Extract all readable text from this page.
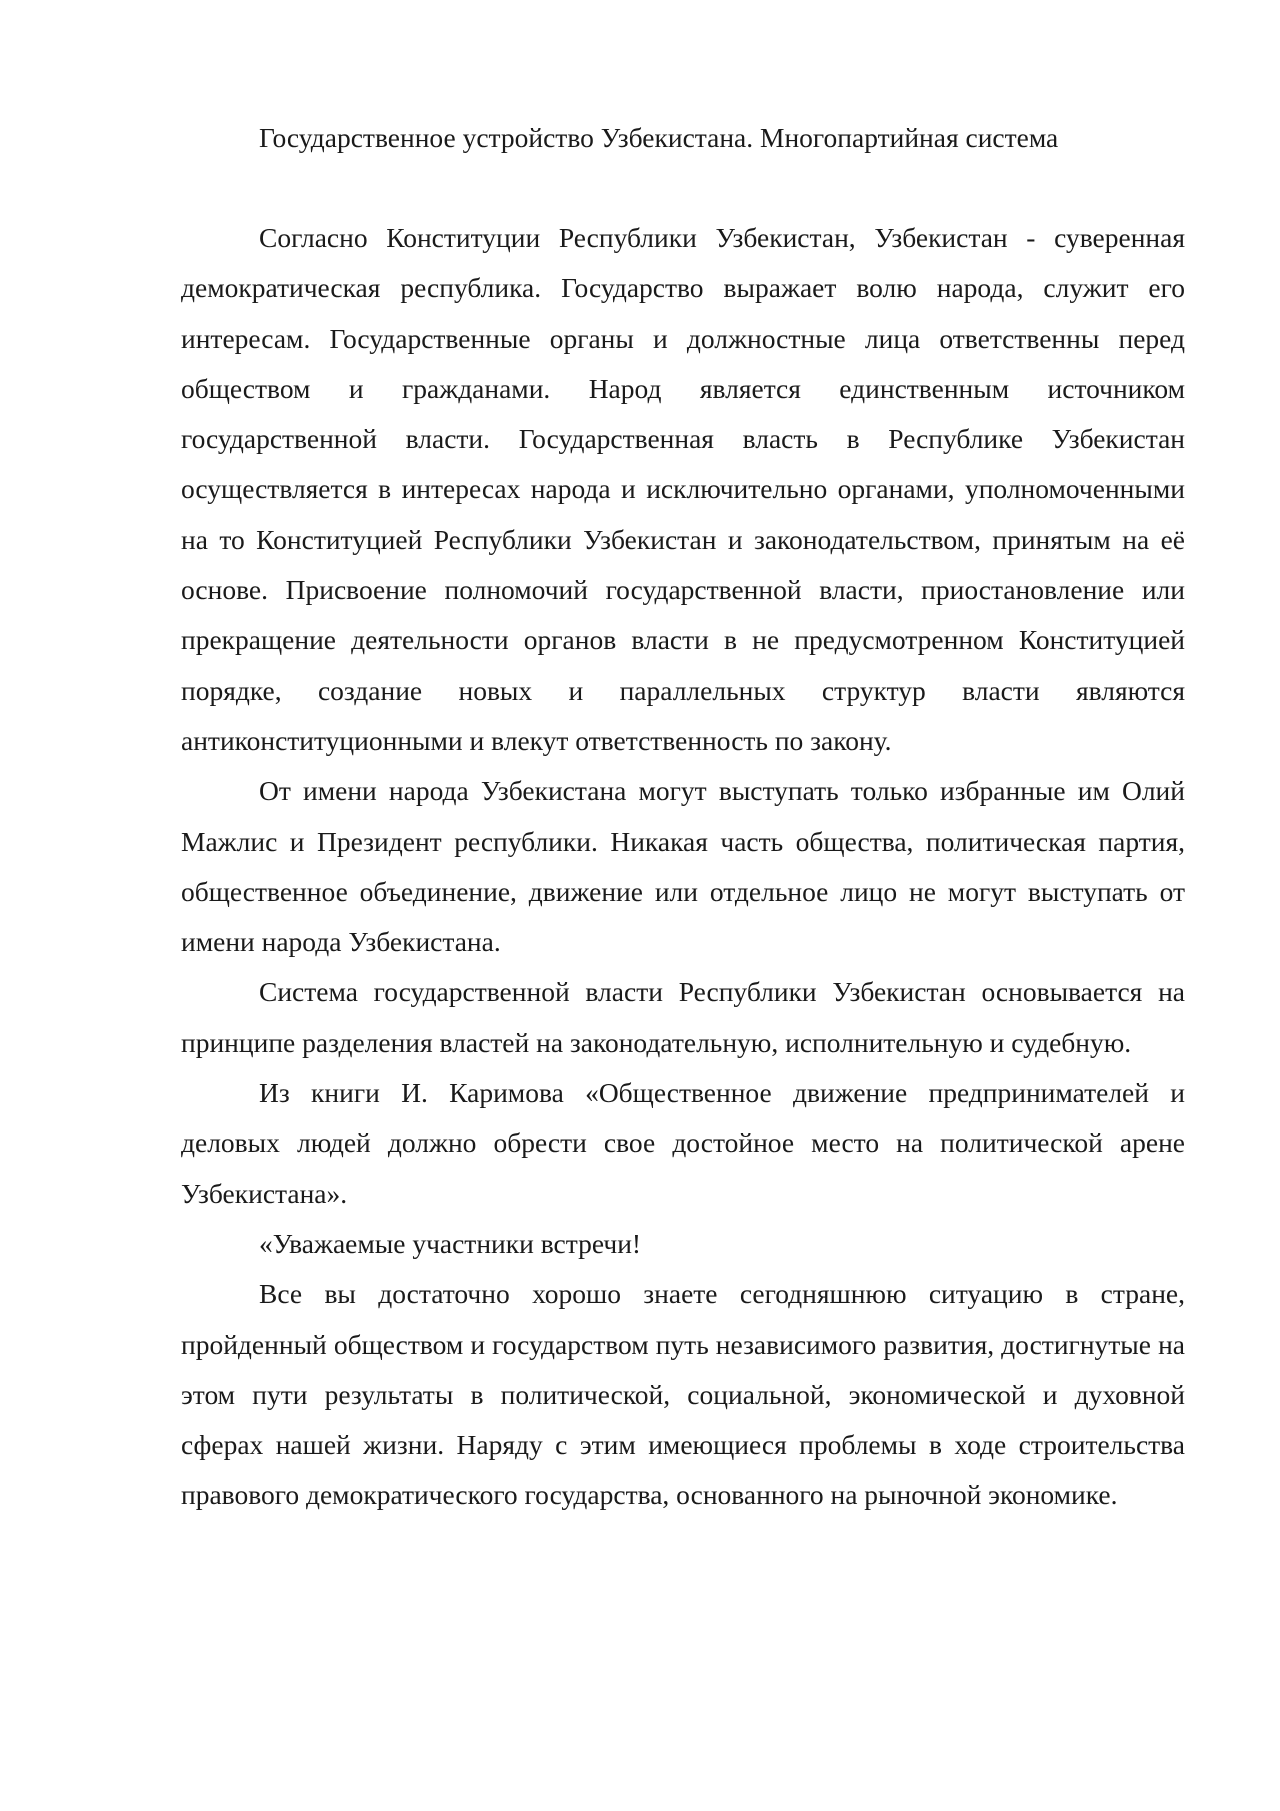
Государственное устройство Узбекистана. Многопартийная система

Согласно Конституции Республики Узбекистан, Узбекистан - суверенная демократическая республика. Государство выражает волю народа, служит его интересам. Государственные органы и должностные лица ответственны перед обществом и гражданами. Народ является единственным источником государственной власти. Государственная власть в Республике Узбекистан осуществляется в интересах народа и исключительно органами, уполномоченными на то Конституцией Республики Узбекистан и законодательством, принятым на её основе. Присвоение полномочий государственной власти, приостановление или прекращение деятельности органов власти в не предусмотренном Конституцией порядке, создание новых и параллельных структур власти являются антиконституционными и влекут ответственность по закону.

От имени народа Узбекистана могут выступать только избранные им Олий Мажлис и Президент республики. Никакая часть общества, политическая партия, общественное объединение, движение или отдельное лицо не могут выступать от имени народа Узбекистана.

Система государственной власти Республики Узбекистан основывается на принципе разделения властей на законодательную, исполнительную и судебную.

Из книги И. Каримова «Общественное движение предпринимателей и деловых людей должно обрести свое достойное место на политической арене Узбекистана».

«Уважаемые участники встречи!

Все вы достаточно хорошо знаете сегодняшнюю ситуацию в стране, пройденный обществом и государством путь независимого развития, достигнутые на этом пути результаты в политической, социальной, экономической и духовной сферах нашей жизни. Наряду с этим имеющиеся проблемы в ходе строительства правового демократического государства, основанного на рыночной экономике.
